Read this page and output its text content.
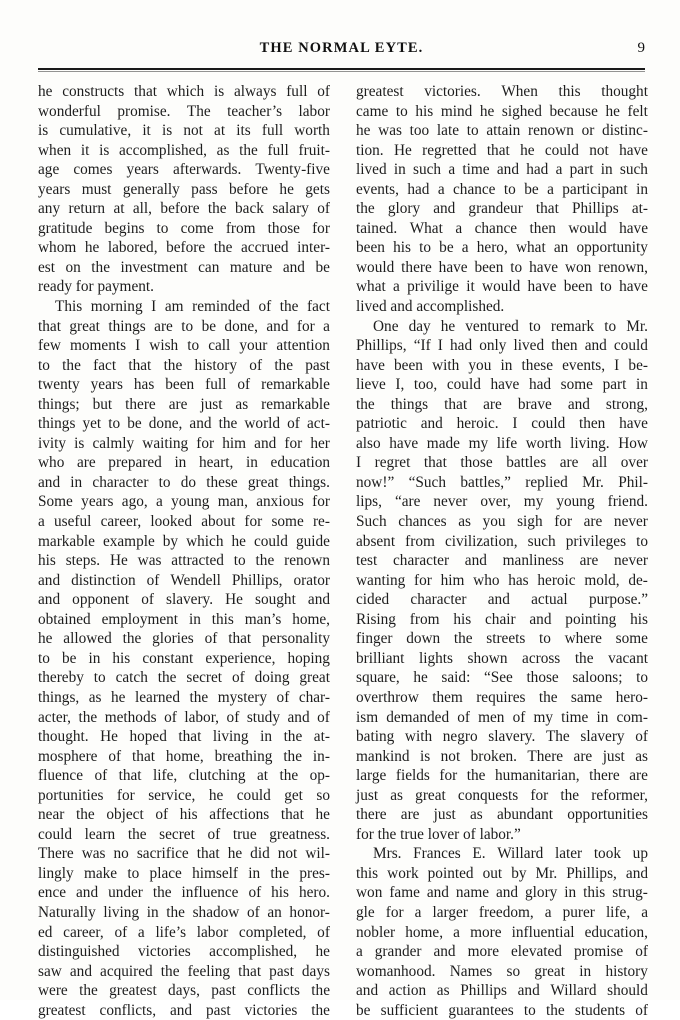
THE NORMAL EYTE.	9
he constructs that which is always full of
wonderful promise. The teacher’s labor
is cumulative, it is not at its full worth
when it is accomplished, as the full fruit-
age comes years afterwards. Twenty-five
years must generally pass before he gets
any return at all, before the back salary of
gratitude begins to come from those for
whom he labored, before the accrued inter-
est on the investment can mature and be
ready for payment.
This morning I am reminded of the fact
that great things are to be done, and for a
few moments I wish to call your attention
to the fact that the history of the past
twenty years has been full of remarkable
things; but there are just as remarkable
things yet to be done, and the world of act-
ivity is calmly waiting for him and for her
who are prepared in heart, in education
and in character to do these great things.
Some years ago, a young man, anxious for
a useful career, looked about for some re-
markable example by which he could guide
his steps. He was attracted to the renown
and distinction of Wendell Phillips, orator
and opponent of slavery. He sought and
obtained employment in this man’s home,
he allowed the glories of that personality
to be in his constant experience, hoping
thereby to catch the secret of doing great
things, as he learned the mystery of char-
acter, the methods of labor, of study and of
thought. He hoped that living in the at-
mosphere of that home, breathing the in-
fluence of that life, clutching at the op-
portunities for service, he could get so
near the object of his affections that he
could learn the secret of true greatness.
There was no sacrifice that he did not wil-
lingly make to place himself in the pres-
ence and under the influence of his hero.
Naturally living in the shadow of an honor-
ed career, of a life’s labor completed, of
distinguished victories accomplished, he
saw and acquired the feeling that past days
were the greatest days, past conflicts the
greatest conflicts, and past victories the
greatest victories. When this thought
came to his mind he sighed because he felt
he was too late to attain renown or distinc-
tion. He regretted that he could not have
lived in such a time and had a part in such
events, had a chance to be a participant in
the glory and grandeur that Phillips at-
tained. What a chance then would have
been his to be a hero, what an opportunity
would there have been to have won renown,
what a privilige it would have been to have
lived and accomplished.
One day he ventured to remark to Mr.
Phillips, “If I had only lived then and could
have been with you in these events, I be-
lieve I, too, could have had some part in
the things that are brave and strong,
patriotic and heroic. I could then have
also have made my life worth living. How
I regret that those battles are all over
now!” “Such battles,” replied Mr. Phil-
lips, “are never over, my young friend.
Such chances as you sigh for are never
absent from civilization, such privileges to
test character and manliness are never
wanting for him who has heroic mold, de-
cided character and actual purpose.”
Rising from his chair and pointing his
finger down the streets to where some
brilliant lights shown across the vacant
square, he said: “See those saloons; to
overthrow them requires the same hero-
ism demanded of men of my time in com-
bating with negro slavery. The slavery of
mankind is not broken. There are just as
large fields for the humanitarian, there are
just as great conquests for the reformer,
there are just as abundant opportunities
for the true lover of labor.”
Mrs. Frances E. Willard later took up
this work pointed out by Mr. Phillips, and
won fame and name and glory in this strug-
gle for a larger freedom, a purer life, a
nobler home, a more influential education,
a grander and more elevated promise of
womanhood. Names so great in history
and action as Phillips and Willard should
be sufficient guarantees to the students of
